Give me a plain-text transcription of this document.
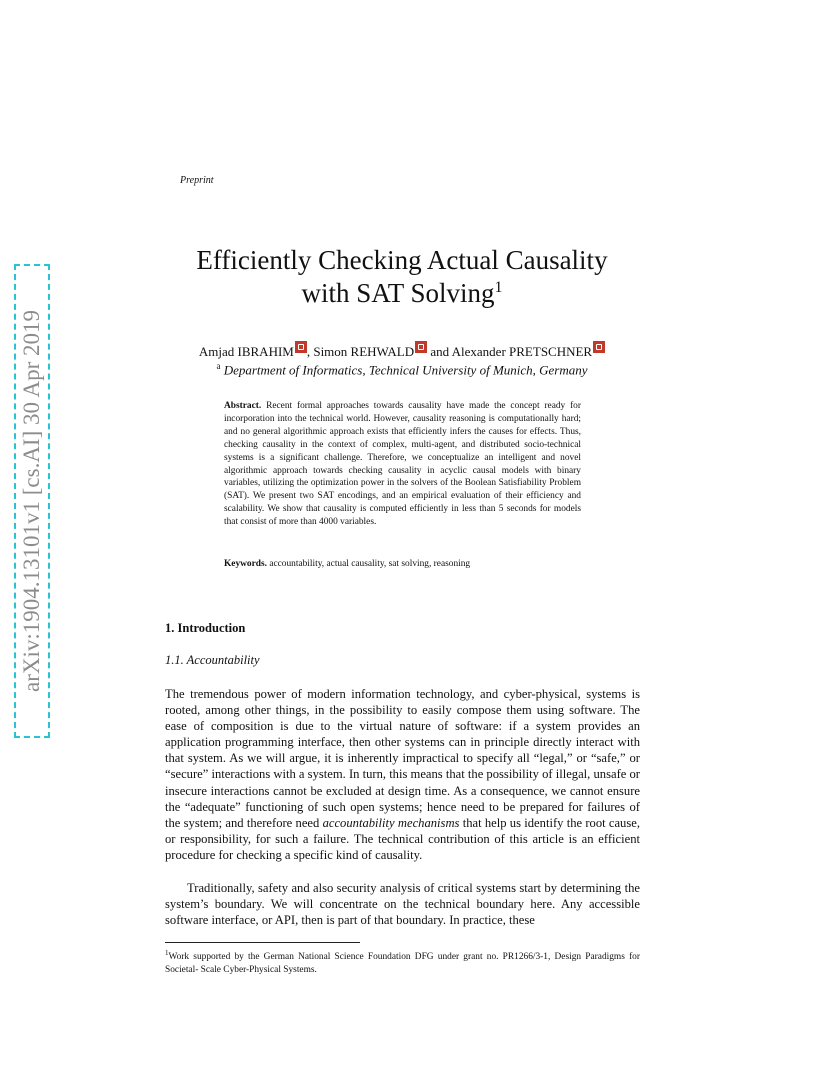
arXiv:1904.13101v1 [cs.AI] 30 Apr 2019
Preprint
Efficiently Checking Actual Causality
with SAT Solving$^1$
Amjad IBRAHIM , Simon REHWALD and Alexander PRETSCHNER
$^a$ Department of Informatics, Technical University of Munich, Germany
Abstract. Recent formal approaches towards causality have made the concept ready for incorporation into the technical world. However, causality reasoning is computationally hard; and no general algorithmic approach exists that efficiently infers the causes for effects. Thus, checking causality in the context of complex, multi-agent, and distributed socio-technical systems is a significant challenge. Therefore, we conceptualize an intelligent and novel algorithmic approach towards checking causality in acyclic causal models with binary variables, utilizing the optimization power in the solvers of the Boolean Satisfiability Problem (SAT). We present two SAT encodings, and an empirical evaluation of their efficiency and scalability. We show that causality is computed efficiently in less than 5 seconds for models that consist of more than 4000 variables.
Keywords. accountability, actual causality, sat solving, reasoning
1. Introduction
1.1. Accountability
The tremendous power of modern information technology, and cyber-physical, systems is rooted, among other things, in the possibility to easily compose them using software. The ease of composition is due to the virtual nature of software: if a system provides an application programming interface, then other systems can in principle directly interact with that system. As we will argue, it is inherently impractical to specify all “legal,” or “safe,” or “secure” interactions with a system. In turn, this means that the possibility of illegal, unsafe or insecure interactions cannot be excluded at design time. As a consequence, we cannot ensure the “adequate” functioning of such open systems; hence need to be prepared for failures of the system; and therefore need accountability mechanisms that help us identify the root cause, or responsibility, for such a failure. The technical contribution of this article is an efficient procedure for checking a specific kind of causality.
Traditionally, safety and also security analysis of critical systems start by determining the system’s boundary. We will concentrate on the technical boundary here. Any accessible software interface, or API, then is part of that boundary. In practice, these
$^1$Work supported by the German National Science Foundation DFG under grant no. PR1266/3-1, Design Paradigms for Societal- Scale Cyber-Physical Systems.
